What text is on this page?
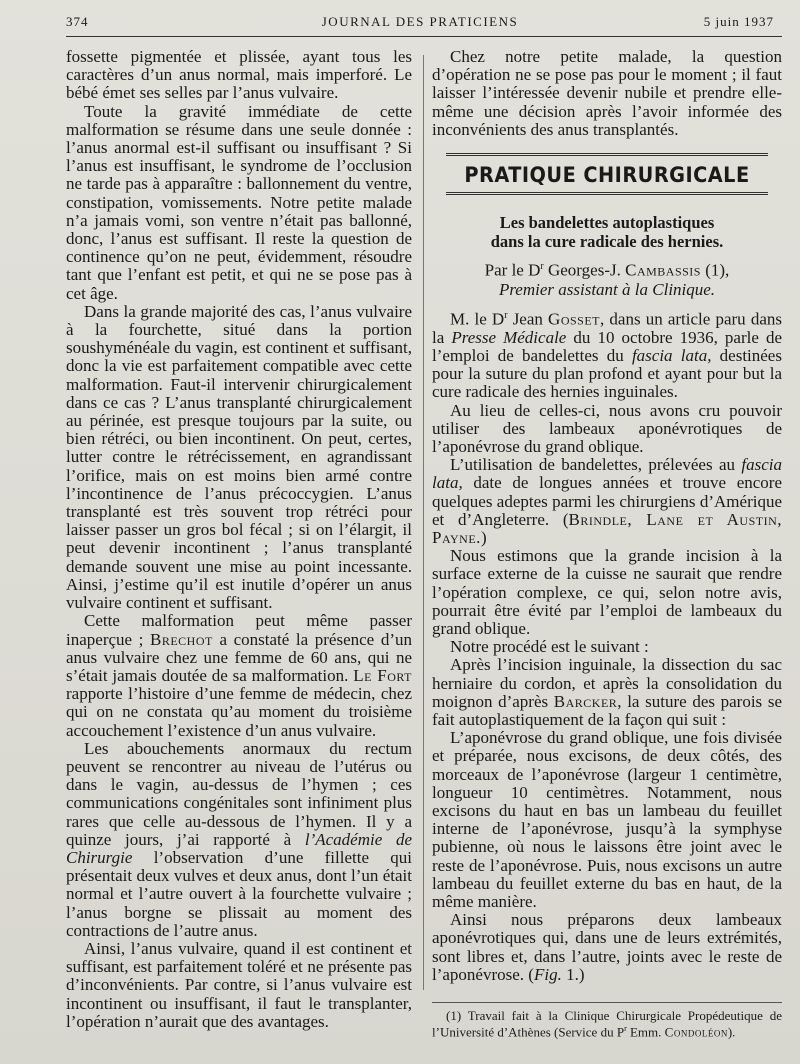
374	JOURNAL DES PRATICIENS	5 juin 1937

fossette pigmentée et plissée, ayant tous les caractères d’un anus normal, mais imperforé. Le bébé émet ses selles par l’anus vulvaire.

Toute la gravité immédiate de cette malformation se résume dans une seule donnée : l’anus anormal est-il suffisant ou insuffisant ? Si l’anus est insuffisant, le syndrome de l’occlusion ne tarde pas à apparaître : ballonnement du ventre, constipation, vomissements. Notre petite malade n’a jamais vomi, son ventre n’était pas ballonné, donc, l’anus est suffisant. Il reste la question de continence qu’on ne peut, évidemment, résoudre tant que l’enfant est petit, et qui ne se pose pas à cet âge.

Dans la grande majorité des cas, l’anus vulvaire à la fourchette, situé dans la portion soushyménéale du vagin, est continent et suffisant, donc la vie est parfaitement compatible avec cette malformation. Faut-il intervenir chirurgicalement dans ce cas ? L’anus transplanté chirurgicalement au périnée, est presque toujours par la suite, ou bien rétréci, ou bien incontinent. On peut, certes, lutter contre le rétrécissement, en agrandissant l’orifice, mais on est moins bien armé contre l’incontinence de l’anus précoccygien. L’anus transplanté est très souvent trop rétréci pour laisser passer un gros bol fécal ; si on l’élargit, il peut devenir incontinent ; l’anus transplanté demande souvent une mise au point incessante. Ainsi, j’estime qu’il est inutile d’opérer un anus vulvaire continent et suffisant.

Cette malformation peut même passer inaperçue ; Brechot a constaté la présence d’un anus vulvaire chez une femme de 60 ans, qui ne s’était jamais doutée de sa malformation. Le Fort rapporte l’histoire d’une femme de médecin, chez qui on ne constata qu’au moment du troisième accouchement l’existence d’un anus vulvaire.

Les abouchements anormaux du rectum peuvent se rencontrer au niveau de l’utérus ou dans le vagin, au-dessus de l’hymen ; ces communications congénitales sont infiniment plus rares que celle au-dessous de l’hymen. Il y a quinze jours, j’ai rapporté à l’Académie de Chirurgie l’observation d’une fillette qui présentait deux vulves et deux anus, dont l’un était normal et l’autre ouvert à la fourchette vulvaire ; l’anus borgne se plissait au moment des contractions de l’autre anus.

Ainsi, l’anus vulvaire, quand il est continent et suffisant, est parfaitement toléré et ne présente pas d’inconvénients. Par contre, si l’anus vulvaire est incontinent ou insuffisant, il faut le transplanter, l’opération n’aurait que des avantages.

Chez notre petite malade, la question d’opération ne se pose pas pour le moment ; il faut laisser l’intéressée devenir nubile et prendre elle-même une décision après l’avoir informée des inconvénients des anus transplantés.

PRATIQUE CHIRURGICALE
Les bandelettes autoplastiques
dans la cure radicale des hernies.
Par le $D^r$ Georges-J. Cambassis (1),
Premier assistant à la Clinique.

M. le $D^r$ Jean Gosset, dans un article paru dans la Presse Médicale du 10 octobre 1936, parle de l’emploi de bandelettes du fascia lata, destinées pour la suture du plan profond et ayant pour but la cure radicale des hernies inguinales.

Au lieu de celles-ci, nous avons cru pouvoir utiliser des lambeaux aponévrotiques de l’aponévrose du grand oblique.

L’utilisation de bandelettes, prélevées au fascia lata, date de longues années et trouve encore quelques adeptes parmi les chirurgiens d’Amérique et d’Angleterre. (Brindle, Lane et Austin, Payne.)

Nous estimons que la grande incision à la surface externe de la cuisse ne saurait que rendre l’opération complexe, ce qui, selon notre avis, pourrait être évité par l’emploi de lambeaux du grand oblique.

Notre procédé est le suivant :

Après l’incision inguinale, la dissection du sac herniaire du cordon, et après la consolidation du moignon d’après Barcker, la suture des parois se fait autoplastiquement de la façon qui suit :

L’aponévrose du grand oblique, une fois divisée et préparée, nous excisons, de deux côtés, des morceaux de l’aponévrose (largeur 1 centimètre, longueur 10 centimètres. Notamment, nous excisons du haut en bas un lambeau du feuillet interne de l’aponévrose, jusqu’à la symphyse pubienne, où nous le laissons être joint avec le reste de l’aponévrose. Puis, nous excisons un autre lambeau du feuillet externe du bas en haut, de la même manière.

Ainsi nous préparons deux lambeaux aponévrotiques qui, dans une de leurs extrémités, sont libres et, dans l’autre, joints avec le reste de l’aponévrose. (Fig. 1.)

(1) Travail fait à la Clinique Chirurgicale Propédeutique de l’Université d’Athènes (Service du $P^r$ Emm. Condoléon).
